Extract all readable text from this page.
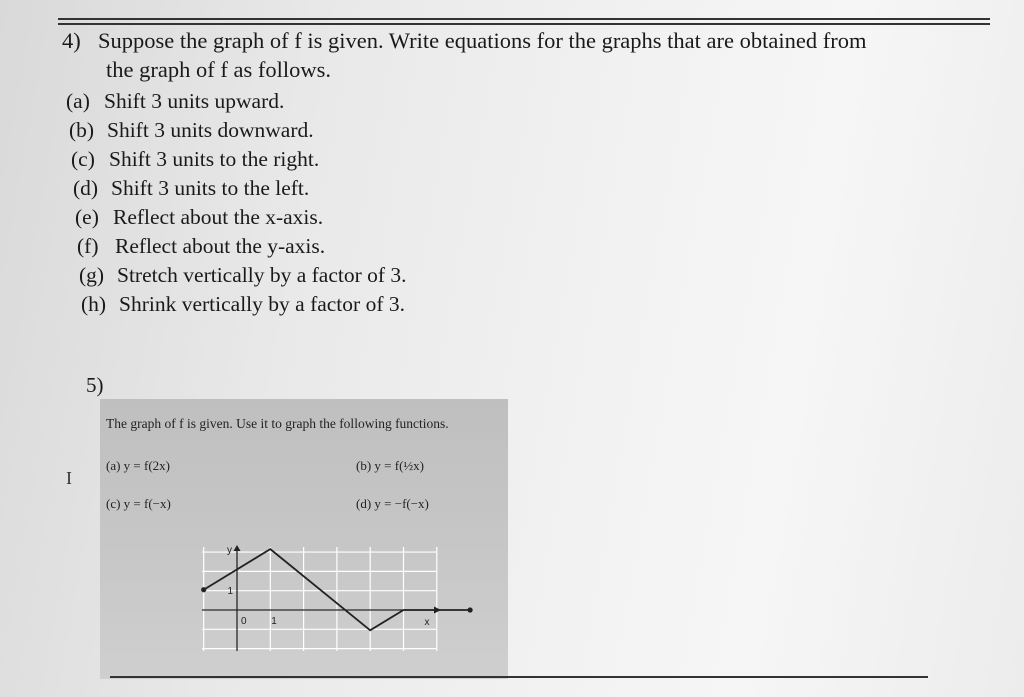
4) Suppose the graph of f is given. Write equations for the graphs that are obtained from
the graph of f as follows.
(a) Shift 3 units upward.
(b) Shift 3 units downward.
(c) Shift 3 units to the right.
(d) Shift 3 units to the left.
(e) Reflect about the x-axis.
(f) Reflect about the y-axis.
(g) Stretch vertically by a factor of 3.
(h) Shrink vertically by a factor of 3.
5)
I
The graph of f is given. Use it to graph the following functions.
(a) y = f(2x)	(b) y = f(½x)
(c) y = f(−x)	(d) y = −f(−x)
y
x
1
0 1
